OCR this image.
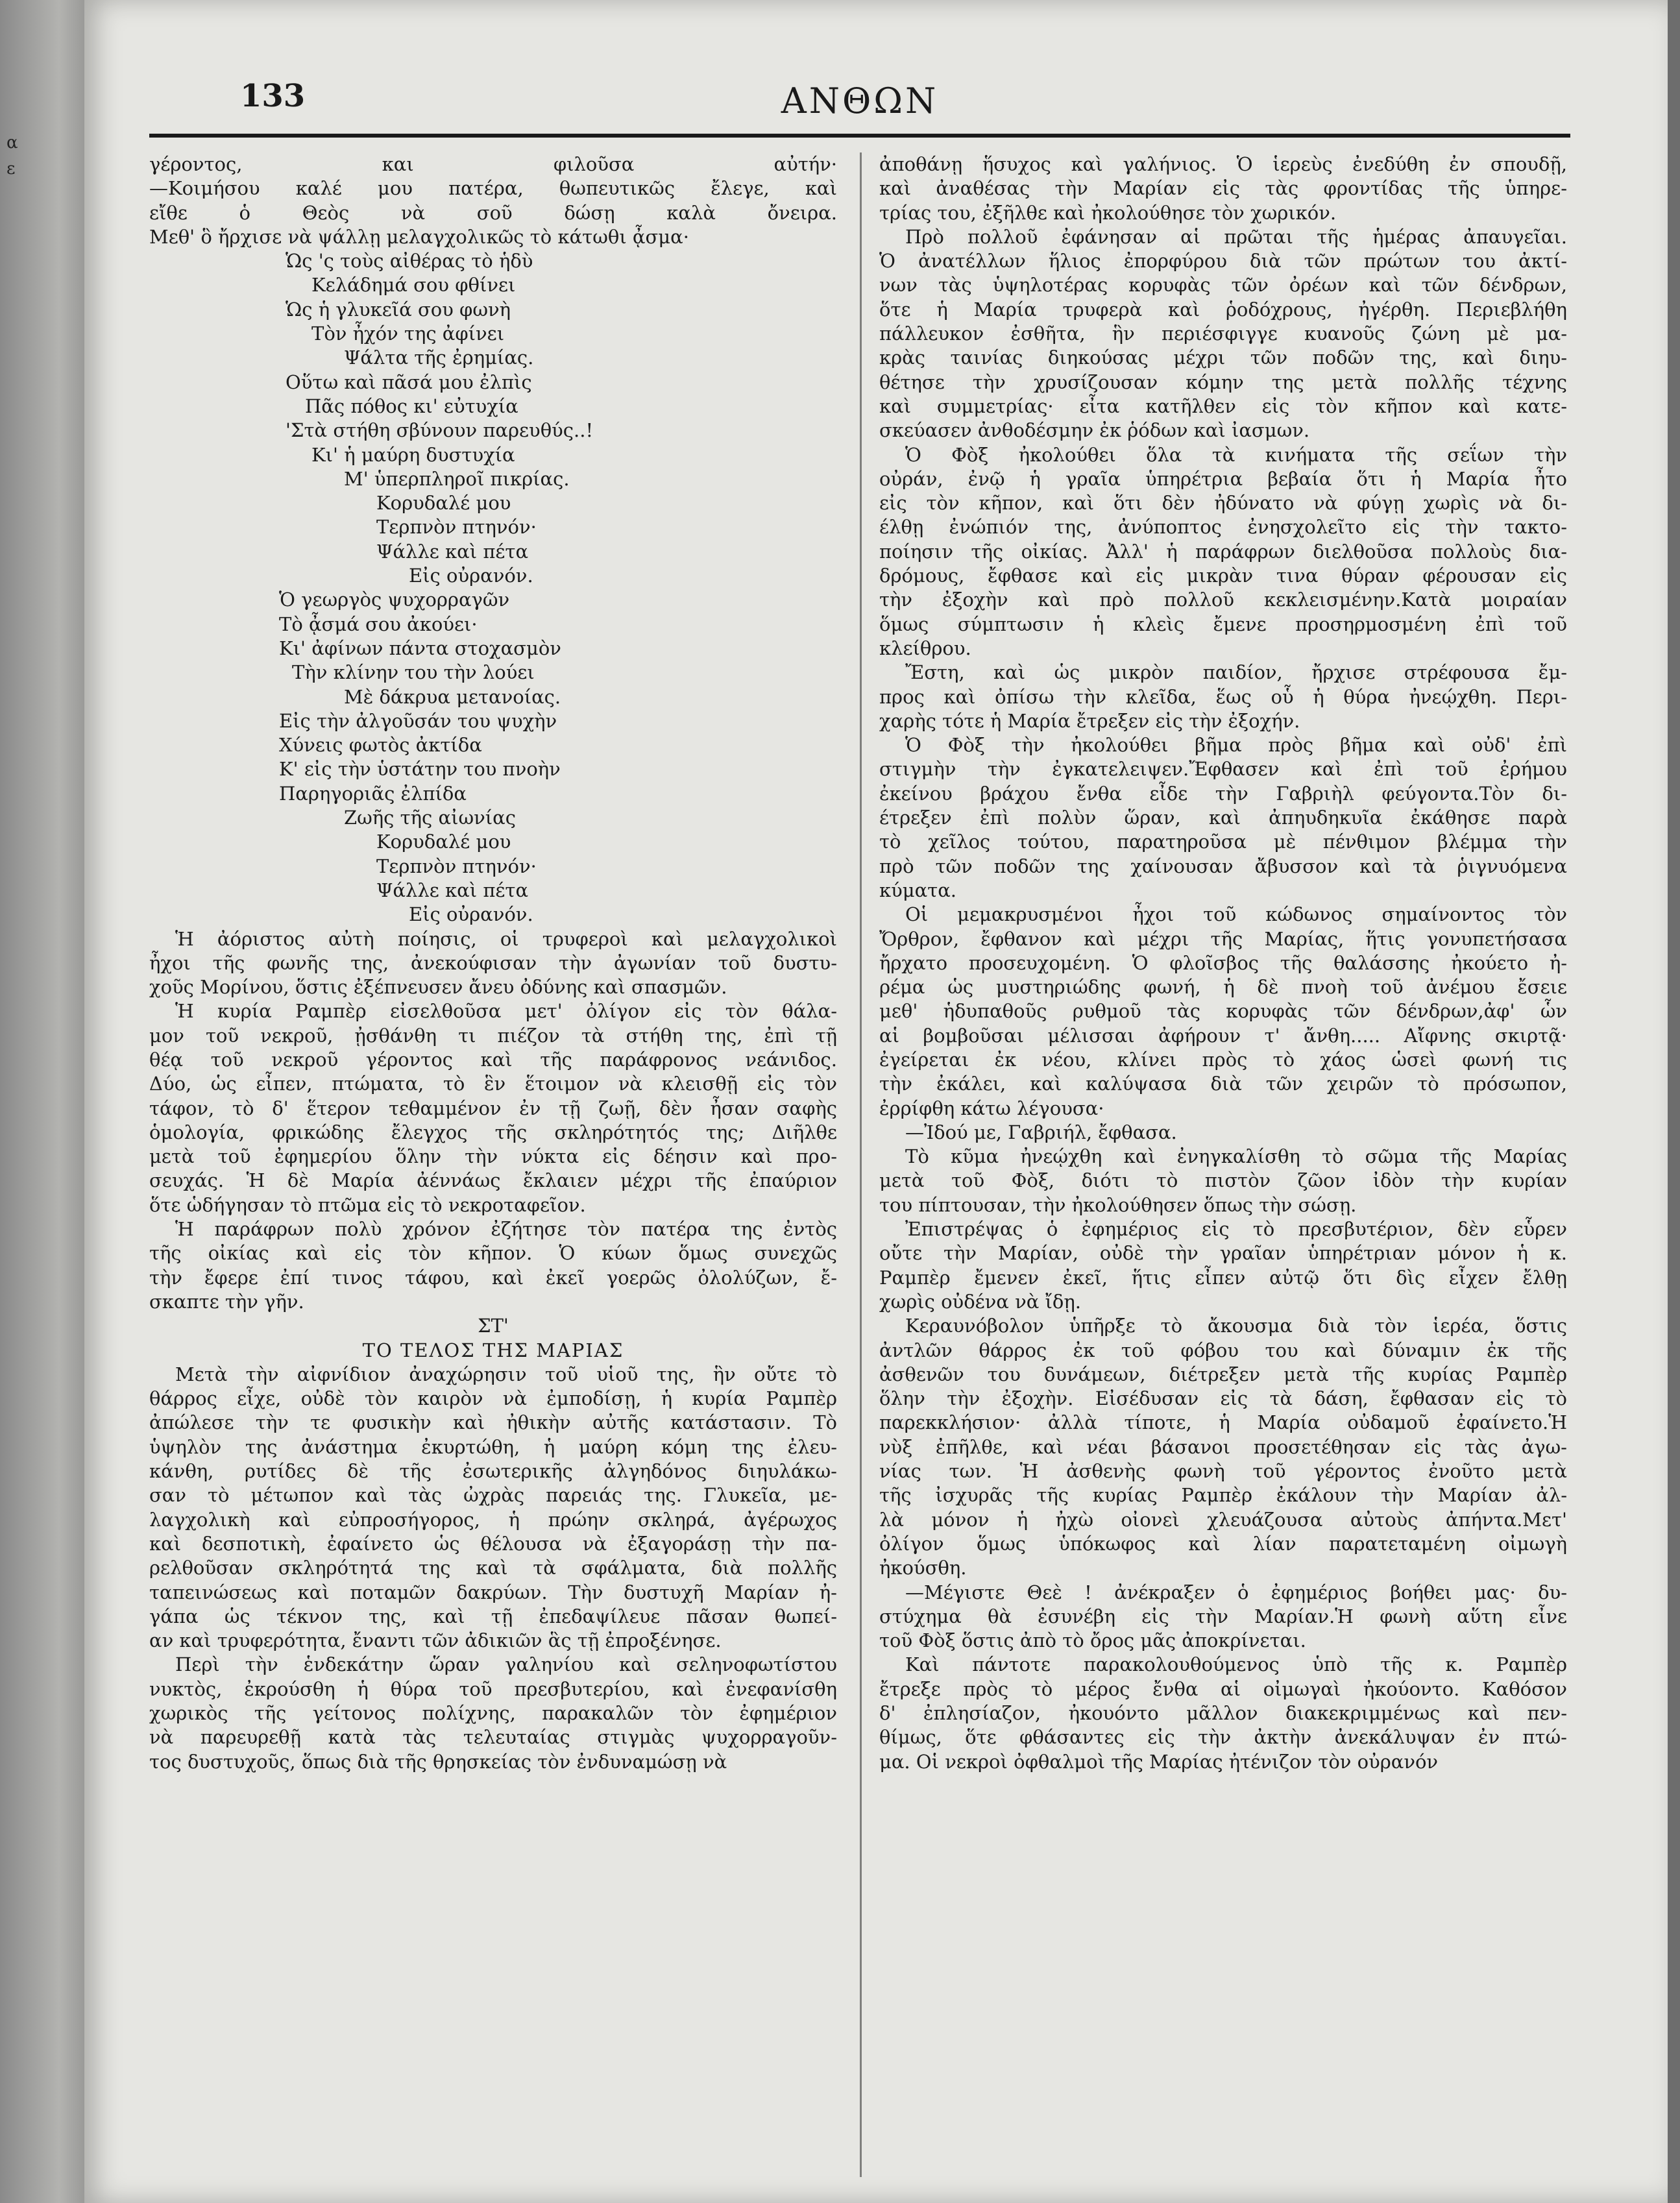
α
ε
133	ΑΝΘΩΝ

γέροντος, και φιλοῦσα αὐτήν·

—Κοιμήσου καλέ μου πατέρα, θωπευτικῶς ἔλεγε, καὶ

εἴθε ὁ Θεὸς νὰ σοῦ δώσῃ καλὰ ὄνειρα.

Μεθ' ὃ ἤρχισε νὰ ψάλλῃ μελαγχολικῶς τὸ κάτωθι ᾆσμα·

Ὡς 'ς τοὺς αἰθέρας τὸ ἡδὺ

Κελάδημά σου φθίνει

Ὡς ἡ γλυκεῖά σου φωνὴ

Τὸν ἦχόν της ἀφίνει

Ψάλτα τῆς ἐρημίας.

Οὕτω καὶ πᾶσά μου ἐλπὶς

Πᾶς πόθος κι' εὐτυχία

'Στὰ στήθη σβύνουν παρευθύς..!

Κι' ἡ μαύρη δυστυχία

Μ' ὑπερπληροῖ πικρίας.

Κορυδαλέ μου

Τερπνὸν πτηνόν·

Ψάλλε καὶ πέτα

Εἰς οὐρανόν.

Ὁ γεωργὸς ψυχορραγῶν

Τὸ ᾆσμά σου ἀκούει·

Κι' ἀφίνων πάντα στοχασμὸν

Τὴν κλίνην του τὴν λούει

Μὲ δάκρυα μετανοίας.

Εἰς τὴν ἀλγοῦσάν του ψυχὴν

Χύνεις φωτὸς ἀκτίδα

Κ' εἰς τὴν ὑστάτην του πνοὴν

Παρηγοριᾶς ἐλπίδα

Ζωῆς τῆς αἰωνίας

Κορυδαλέ μου

Τερπνὸν πτηνόν·

Ψάλλε καὶ πέτα

Εἰς οὐρανόν.

Ἡ ἀόριστος αὐτὴ ποίησις, οἱ τρυφεροὶ καὶ μελαγχολικοὶ

ἦχοι τῆς φωνῆς της, ἀνεκούφισαν τὴν ἀγωνίαν τοῦ δυστυ-

χοῦς Μορίνου, ὅστις ἐξέπνευσεν ἄνευ ὀδύνης καὶ σπασμῶν.

Ἡ κυρία Ραμπὲρ εἰσελθοῦσα μετ' ὀλίγον εἰς τὸν θάλα-

μον τοῦ νεκροῦ, ᾐσθάνθη τι πιέζον τὰ στήθη της, ἐπὶ τῇ

θέᾳ τοῦ νεκροῦ γέροντος καὶ τῆς παράφρονος νεάνιδος.

Δύο, ὡς εἶπεν, πτώματα, τὸ ἓν ἕτοιμον νὰ κλεισθῇ εἰς τὸν

τάφον, τὸ δ' ἕτερον τεθαμμένον ἐν τῇ ζωῇ, δὲν ἦσαν σαφὴς

ὁμολογία, φρικώδης ἔλεγχος τῆς σκληρότητός της; Διῆλθε

μετὰ τοῦ ἐφημερίου ὅλην τὴν νύκτα εἰς δέησιν καὶ προ-

σευχάς. Ἡ δὲ Μαρία ἀέννάως ἔκλαιεν μέχρι τῆς ἐπαύριον

ὅτε ὡδήγησαν τὸ πτῶμα εἰς τὸ νεκροταφεῖον.

Ἡ παράφρων πολὺ χρόνον ἐζήτησε τὸν πατέρα της ἐντὸς

τῆς οἰκίας καὶ εἰς τὸν κῆπον. Ὁ κύων ὅμως συνεχῶς

τὴν ἔφερε ἐπί τινος τάφου, καὶ ἐκεῖ γοερῶς ὀλολύζων, ἔ-

σκαπτε τὴν γῆν.

ΣΤ'

ΤΟ ΤΕΛΟΣ ΤΗΣ ΜΑΡΙΑΣ

Μετὰ τὴν αἰφνίδιον ἀναχώρησιν τοῦ υἱοῦ της, ἣν οὔτε τὸ

θάρρος εἶχε, οὐδὲ τὸν καιρὸν νὰ ἐμποδίσῃ, ἡ κυρία Ραμπὲρ

ἀπώλεσε τὴν τε φυσικὴν καὶ ἠθικὴν αὐτῆς κατάστασιν. Τὸ

ὑψηλὸν της ἀνάστημα ἐκυρτώθη, ἡ μαύρη κόμη της ἐλευ-

κάνθη, ρυτίδες δὲ τῆς ἐσωτερικῆς ἀλγηδόνος διηυλάκω-

σαν τὸ μέτωπον καὶ τὰς ὠχρὰς παρειάς της. Γλυκεῖα, με-

λαγχολικὴ καὶ εὐπροσήγορος, ἡ πρώην σκληρά, ἀγέρωχος

καὶ δεσποτικὴ, ἐφαίνετο ὡς θέλουσα νὰ ἐξαγοράσῃ τὴν πα-

ρελθοῦσαν σκληρότητά της καὶ τὰ σφάλματα, διὰ πολλῆς

ταπεινώσεως καὶ ποταμῶν δακρύων. Τὴν δυστυχῆ Μαρίαν ἠ-

γάπα ὡς τέκνον της, καὶ τῇ ἐπεδαψίλευε πᾶσαν θωπεί-

αν καὶ τρυφερότητα, ἔναντι τῶν ἀδικιῶν ἃς τῇ ἐπροξένησε.

Περὶ τὴν ἑνδεκάτην ὥραν γαληνίου καὶ σεληνοφωτίστου

νυκτὸς, ἐκρούσθη ἡ θύρα τοῦ πρεσβυτερίου, καὶ ἐνεφανίσθη

χωρικὸς τῆς γείτονος πολίχνης, παρακαλῶν τὸν ἐφημέριον

νὰ παρευρεθῇ κατὰ τὰς τελευταίας στιγμὰς ψυχορραγοῦν-

τος δυστυχοῦς, ὅπως διὰ τῆς θρησκείας τὸν ἐνδυναμώσῃ νὰ

ἀποθάνῃ ἥσυχος καὶ γαλήνιος. Ὁ ἱερεὺς ἐνεδύθη ἐν σπουδῇ,

καὶ ἀναθέσας τὴν Μαρίαν εἰς τὰς φροντίδας τῆς ὑπηρε-

τρίας του, ἐξῆλθε καὶ ἠκολούθησε τὸν χωρικόν.

Πρὸ πολλοῦ ἐφάνησαν αἱ πρῶται τῆς ἡμέρας ἀπαυγεῖαι.

Ὁ ἀνατέλλων ἥλιος ἐπορφύρου διὰ τῶν πρώτων του ἀκτί-

νων τὰς ὑψηλοτέρας κορυφὰς τῶν ὀρέων καὶ τῶν δένδρων,

ὅτε ἡ Μαρία τρυφερὰ καὶ ῥοδόχρους, ἠγέρθη. Περιεβλήθη

πάλλευκον ἐσθῆτα, ἣν περιέσφιγγε κυανοῦς ζώνη μὲ μα-

κρὰς ταινίας διηκούσας μέχρι τῶν ποδῶν της, καὶ διηυ-

θέτησε τὴν χρυσίζουσαν κόμην της μετὰ πολλῆς τέχνης

καὶ συμμετρίας· εἶτα κατῆλθεν εἰς τὸν κῆπον καὶ κατε-

σκεύασεν ἀνθοδέσμην ἐκ ῥόδων καὶ ἰασμων.

Ὁ Φὸξ ἠκολούθει ὅλα τὰ κινήματα τῆς σεΐων τὴν

οὐράν, ἐνῷ ἡ γραῖα ὑπηρέτρια βεβαία ὅτι ἡ Μαρία ἦτο

εἰς τὸν κῆπον, καὶ ὅτι δὲν ἠδύνατο νὰ φύγῃ χωρὶς νὰ δι-

έλθῃ ἐνώπιόν της, ἀνύποπτος ἐνησχολεῖτο εἰς τὴν τακτο-

ποίησιν τῆς οἰκίας. Ἀλλ' ἡ παράφρων διελθοῦσα πολλοὺς δια-

δρόμους, ἔφθασε καὶ εἰς μικρὰν τινα θύραν φέρουσαν εἰς

τὴν ἐξοχὴν καὶ πρὸ πολλοῦ κεκλεισμένην.Κατὰ μοιραίαν

ὅμως σύμπτωσιν ἡ κλεὶς ἔμενε προσηρμοσμένη ἐπὶ τοῦ

κλείθρου.

Ἔστη, καὶ ὡς μικρὸν παιδίον, ἤρχισε στρέφουσα ἔμ-

προς καὶ ὀπίσω τὴν κλεῖδα, ἕως οὗ ἡ θύρα ἠνεῴχθη. Περι-

χαρὴς τότε ἡ Μαρία ἔτρεξεν εἰς τὴν ἐξοχήν.

Ὁ Φὸξ τὴν ἠκολούθει βῆμα πρὸς βῆμα καὶ οὐδ' ἐπὶ

στιγμὴν τὴν ἐγκατελειψεν.Ἔφθασεν καὶ ἐπὶ τοῦ ἐρήμου

ἐκείνου βράχου ἔνθα εἶδε τὴν Γαβριὴλ φεύγοντα.Τὸν δι-

έτρεξεν ἐπὶ πολὺν ὥραν, καὶ ἀπηυδηκυῖα ἐκάθησε παρὰ

τὸ χεῖλος τούτου, παρατηροῦσα μὲ πένθιμον βλέμμα τὴν

πρὸ τῶν ποδῶν της χαίνουσαν ἄβυσσον καὶ τὰ ῥιγνυόμενα

κύματα.

Οἱ μεμακρυσμένοι ἦχοι τοῦ κώδωνος σημαίνοντος τὸν

Ὄρθρον, ἔφθανον καὶ μέχρι τῆς Μαρίας, ἥτις γονυπετήσασα

ἤρχατο προσευχομένη. Ὁ φλοῖσβος τῆς θαλάσσης ἠκούετο ἠ-

ρέμα ὡς μυστηριώδης φωνή, ἡ δὲ πνοὴ τοῦ ἀνέμου ἔσειε

μεθ' ἡδυπαθοῦς ρυθμοῦ τὰς κορυφὰς τῶν δένδρων,ἀφ' ὧν

αἱ βομβοῦσαι μέλισσαι ἀφήρουν τ' ἄνθη..... Αἴφνης σκιρτᾷ·

ἐγείρεται ἐκ νέου, κλίνει πρὸς τὸ χάος ὡσεὶ φωνή τις

τὴν ἐκάλει, καὶ καλύψασα διὰ τῶν χειρῶν τὸ πρόσωπον,

ἐρρίφθη κάτω λέγουσα·

—Ἰδού με, Γαβριήλ, ἔφθασα.

Τὸ κῦμα ἠνεῴχθη καὶ ἐνηγκαλίσθη τὸ σῶμα τῆς Μαρίας

μετὰ τοῦ Φὸξ, διότι τὸ πιστὸν ζῶον ἰδὸν τὴν κυρίαν

του πίπτουσαν, τὴν ἠκολούθησεν ὅπως τὴν σώσῃ.

Ἐπιστρέψας ὁ ἐφημέριος εἰς τὸ πρεσβυτέριον, δὲν εὗρεν

οὔτε τὴν Μαρίαν, οὐδὲ τὴν γραῖαν ὑπηρέτριαν μόνον ἡ κ.

Ραμπὲρ ἔμενεν ἐκεῖ, ἥτις εἶπεν αὐτῷ ὅτι δὶς εἶχεν ἔλθῃ

χωρὶς οὐδένα νὰ ἴδῃ.

Κεραυνόβολον ὑπῆρξε τὸ ἄκουσμα διὰ τὸν ἱερέα, ὅστις

ἀντλῶν θάρρος ἐκ τοῦ φόβου του καὶ δύναμιν ἐκ τῆς

ἀσθενῶν του δυνάμεων, διέτρεξεν μετὰ τῆς κυρίας Ραμπὲρ

ὅλην τὴν ἐξοχὴν. Εἰσέδυσαν εἰς τὰ δάση, ἔφθασαν εἰς τὸ

παρεκκλήσιον· ἀλλὰ τίποτε, ἡ Μαρία οὐδαμοῦ ἐφαίνετο.Ἡ

νὺξ ἐπῆλθε, καὶ νέαι βάσανοι προσετέθησαν εἰς τὰς ἀγω-

νίας των. Ἡ ἀσθενὴς φωνὴ τοῦ γέροντος ἐνοῦτο μετὰ

τῆς ἰσχυρᾶς τῆς κυρίας Ραμπὲρ ἐκάλουν τὴν Μαρίαν ἀλ-

λὰ μόνον ἡ ἠχὼ οἰονεὶ χλευάζουσα αὐτοὺς ἀπήντα.Μετ'

ὀλίγον ὅμως ὑπόκωφος καὶ λίαν παρατεταμένη οἰμωγὴ

ἠκούσθη.

—Μέγιστε Θεὲ ! ἀνέκραξεν ὁ ἐφημέριος βοήθει μας· δυ-

στύχημα θὰ ἐσυνέβη εἰς τὴν Μαρίαν.Ἡ φωνὴ αὕτη εἶνε

τοῦ Φὸξ ὅστις ἀπὸ τὸ ὄρος μᾶς ἀποκρίνεται.

Καὶ πάντοτε παρακολουθούμενος ὑπὸ τῆς κ. Ραμπὲρ

ἔτρεξε πρὸς τὸ μέρος ἔνθα αἱ οἰμωγαὶ ἠκούοντο. Καθόσον

δ' ἐπλησίαζον, ἠκουόντο μᾶλλον διακεκριμμένως καὶ πεν-

θίμως, ὅτε φθάσαντες εἰς τὴν ἀκτὴν ἀνεκάλυψαν ἐν πτώ-

μα. Οἱ νεκροὶ ὀφθαλμοὶ τῆς Μαρίας ἠτένιζον τὸν οὐρανόν
